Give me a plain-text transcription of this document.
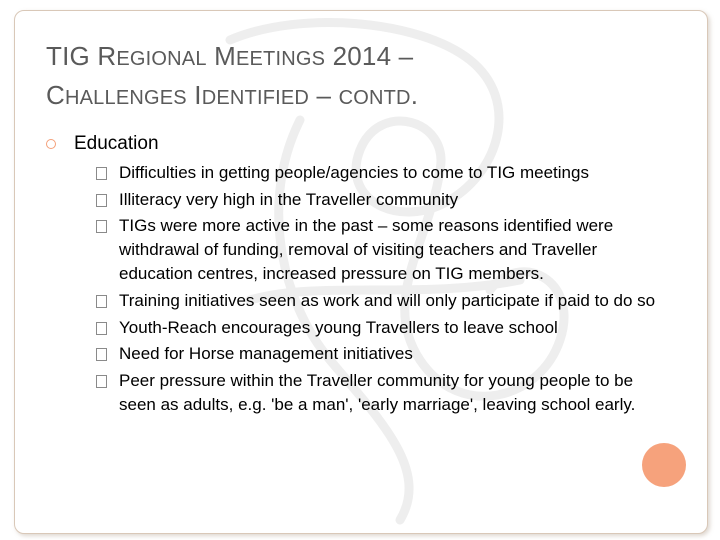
TIG REGIONAL MEETINGS 2014 –
CHALLENGES IDENTIFIED – CONTD.
Education
Difficulties in getting people/agencies to come to TIG meetings
Illiteracy very high in the Traveller community
TIGs were more active in the past – some reasons identified were withdrawal of funding, removal of visiting teachers and Traveller education centres, increased pressure on TIG members.
Training initiatives seen as work and will only participate if paid to do so
Youth-Reach encourages young Travellers to leave school
Need for Horse management initiatives
Peer pressure within the Traveller community for young people to be seen as adults, e.g. 'be a man', 'early marriage', leaving school early.
